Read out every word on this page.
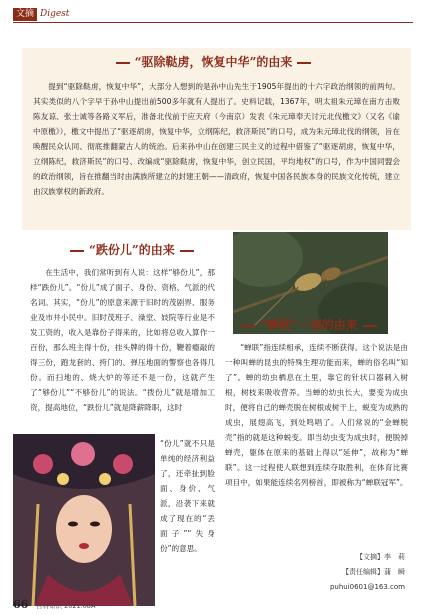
文摘 Digest
“驱除鞑虏，恢复中华”的由来
提到“驱除鞑虏，恢复中华”，大部分人想到的是孙中山先生于1905年提出的十六字政治纲领的前两句。其实类似的八个字早于孙中山提出前500多年就有人提出了。史料记载，1367年，明太祖朱元璋在南方击败陈友谅、张士诚等各路义军后，准备北伐前于应天府（今南京）发表《朱元璋奉天讨元北伐檄文》（又名《谕中原檄》），檄文中提出了“驱逐胡虏，恢复中华，立纲陈纪，救济斯民”的口号，成为朱元璋北伐的纲领，旨在唤醒民众认同、彻底推翻蒙古人的统治。后来孙中山在创建三民主义的过程中借鉴了“驱逐胡虏，恢复中华，立纲陈纪，救济斯民”的口号、改编成“驱除鞑虏，恢复中华，创立民国，平均地权”的口号，作为中国同盟会的政治纲领，旨在推翻当时由满族所建立的封建王朝——清政府，恢复中国各民族本身的民族文化传统，建立由汉族掌权的新政府。
“跌份儿”的由来
在生活中，我们常听到有人说：这样“够份儿”，那样“跌份儿”。“份儿”成了面子、身份、资格、气派的代名词。其实，“份儿”的原意来源于旧时的茂剧界、服务业及市井小民中。旧时茂班子、澡堂、妓院等行业是不发工资的，收入是靠份子得来的，比如将总收入算作一百份，那么班主得十份，挂头牌的得十份，鞭着瘾敲的得三份，跑龙套的、挎门的、弹压地面的警察也各得几份。而扫地的、烧大炉的等还不是一份，这就产生了“够份儿”“不够份儿”的说法。“拨份儿”就是增加工资，提高地位，“跌份儿”就是降薪降职，这时
“份儿”就不只是单纯的经济利益了，还牵扯到脸面、身价、气派，沿袭下来就成了现在的“丢面子”“失身份”的意思。
“蝉联”一词的由来
“蝉联”指连续相承，连续不断获得。这个说法是由一种叫蝉的昆虫的特殊生理功能而来，蝉的俗名叫“知了”。蝉的幼虫栖息在土里，靠它的针状口器刺入树根，树枝来吸收营养。当蝉的幼虫长大，要变为成虫时，便将自己的蝉壳脱在树根或树干上，蜕变为成熟的成虫，展翅高飞，到处鸣唱了。人们常说的“金蝉脱壳”指的就是这种蜕变。即当幼虫变为成虫时，便脱掉蝉壳，躯体在原来的基础上得以“延伸”，故称为“蝉联”。这一过程使人联想到连续夺取胜利，在体育比赛项目中，如果能连续名列榜首，即被称为“蝉联冠军”。
【文摘】李　莉
【责任编辑】蒲　瞬
puhui0601@163.com
66 百科知识 2021.08A
